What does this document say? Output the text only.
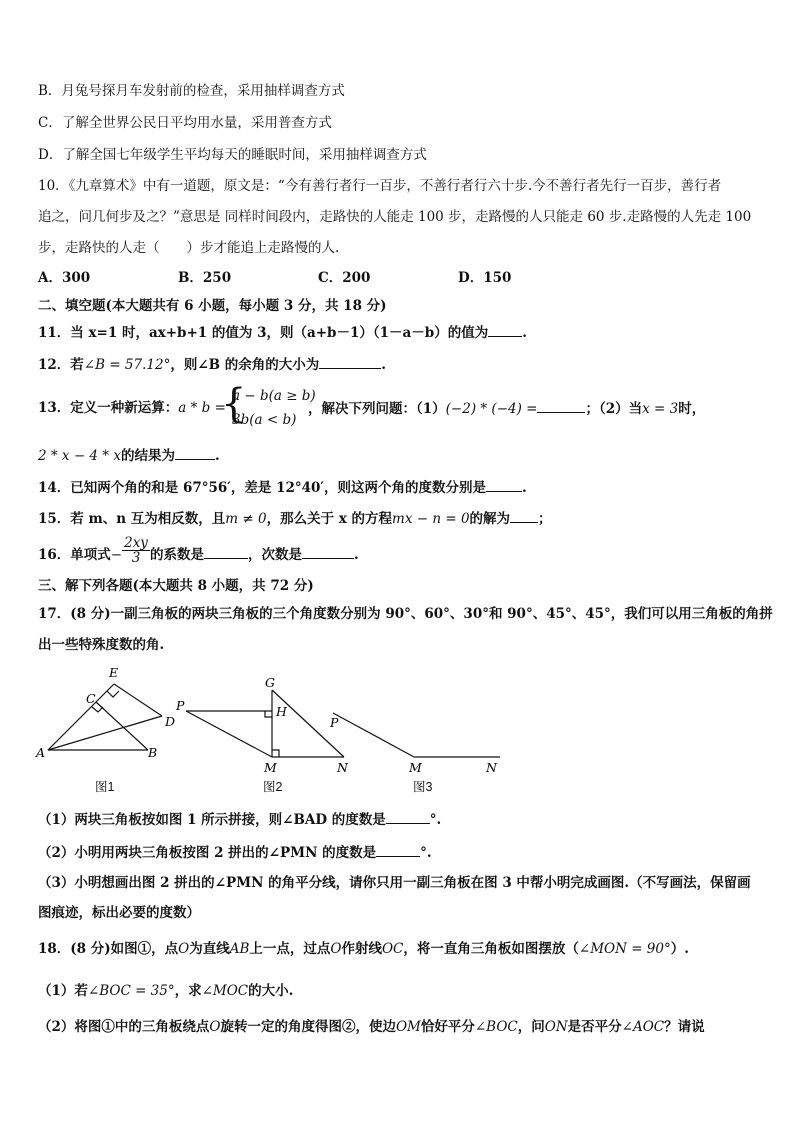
B．月兔号探月车发射前的检查，采用抽样调查方式
C．了解全世界公民日平均用水量，采用普查方式
D．了解全国七年级学生平均每天的睡眠时间，采用抽样调查方式
10．《九章算术》中有一道题，原文是：“今有善行者行一百步，不善行者行六十步.今不善行者先行一百步，善行者
追之，问几何步及之？”意思是 同样时间段内，走路快的人能走 100 步，走路慢的人只能走 60 步.走路慢的人先走 100
步，走路快的人走（　　）步才能追上走路慢的人.
A．300	B．250	C．200	D．150
二、填空题(本大题共有 6 小题，每小题 3 分，共 18 分)
11．当 x=1 时，ax+b+1 的值为 3，则（a+b－1）（1－a－b）的值为	.
12．若∠B = 57.12°，则∠B 的余角的大小为	.
13．定义一种新运算：a * b =
{
a − b(a ≥ b)
3b(a < b)
，解决下列问题：（1）(−2) * (−4) =	；（2）当x = 3时，
2 * x − 4 * x的结果为	.
14．已知两个角的和是 67°56′，差是 12°40′，则这两个角的度数分别是	.
15．若 m、n 互为相反数，且m ≠ 0，那么关于 x 的方程mx − n = 0的解为 ；
16．单项式− $\frac{2xy}{3}$ 的系数是	，次数是	.
三、解下列各题(本大题共 8 小题，共 72 分)
17．(8 分)一副三角板的两块三角板的三个角度数分别为 90°、60°、30°和 90°、45°、45°，我们可以用三角板的角拼
出一些特殊度数的角.
E
C
D
A	B
G
P	H
M	N
P
M	N
图1	图2	图3
（1）两块三角板按如图 1 所示拼接，则∠BAD 的度数是	°.
（2）小明用两块三角板按图 2 拼出的∠PMN 的度数是	°.
（3）小明想画出图 2 拼出的∠PMN 的角平分线，请你只用一副三角板在图 3 中帮小明完成画图.（不写画法，保留画
图痕迹，标出必要的度数）
18．(8 分)如图①，点O为直线AB上一点，过点O作射线OC，将一直角三角板如图摆放（∠MON = 90°）.
（1）若∠BOC = 35°，求∠MOC的大小.
（2）将图①中的三角板绕点O旋转一定的角度得图②，使边OM恰好平分∠BOC，问ON是否平分∠AOC？请说
